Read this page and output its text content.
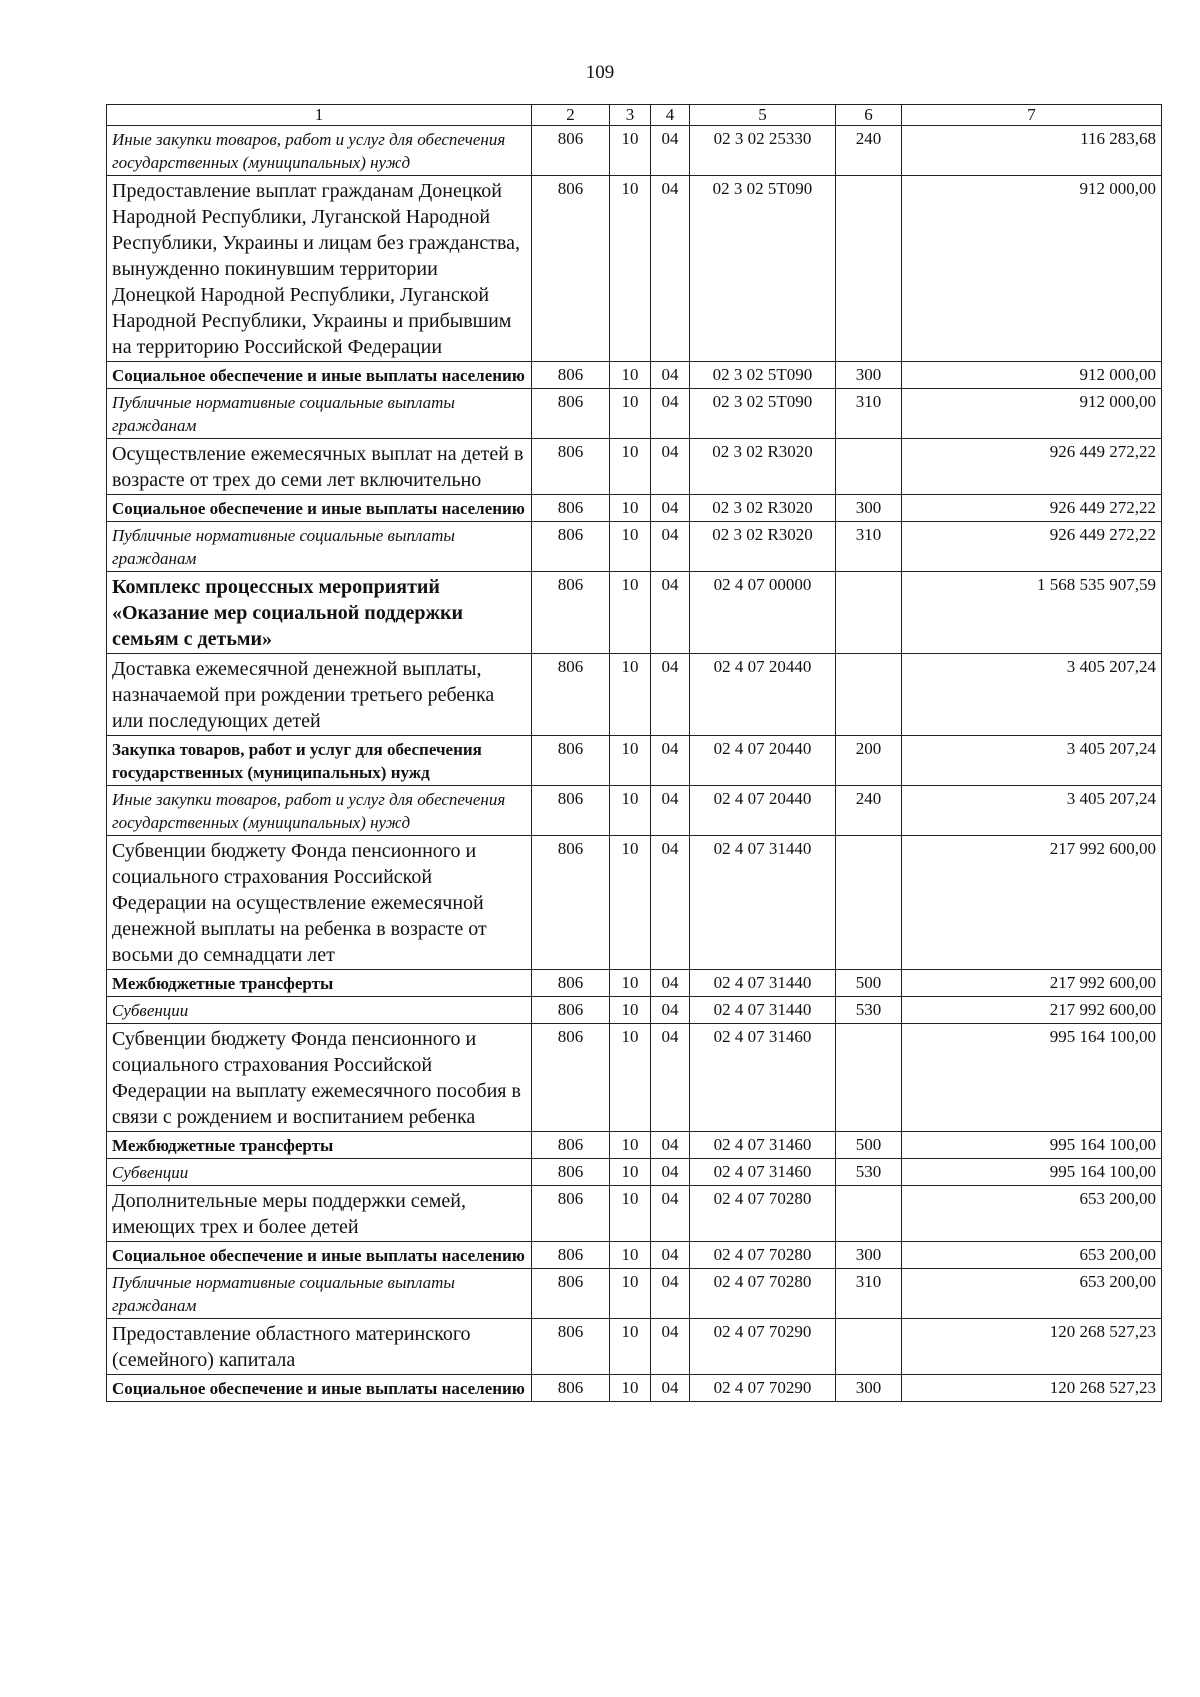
109
1	2	3	4	5	6	7
Иные закупки товаров, работ и услуг для обеспечения государственных (муниципальных) нужд	806	10	04	02 3 02 25330	240	116 283,68
Предоставление выплат гражданам Донецкой Народной Республики, Луганской Народной Республики, Украины и лицам без гражданства, вынужденно покинувшим территории Донецкой Народной Республики, Луганской Народной Республики, Украины и прибывшим на территорию Российской Федерации	806	10	04	02 3 02 5Т090		912 000,00
Социальное обеспечение и иные выплаты населению	806	10	04	02 3 02 5Т090	300	912 000,00
Публичные нормативные социальные выплаты гражданам	806	10	04	02 3 02 5Т090	310	912 000,00
Осуществление ежемесячных выплат на детей в возрасте от трех до семи лет включительно	806	10	04	02 3 02 R3020		926 449 272,22
Социальное обеспечение и иные выплаты населению	806	10	04	02 3 02 R3020	300	926 449 272,22
Публичные нормативные социальные выплаты гражданам	806	10	04	02 3 02 R3020	310	926 449 272,22
Комплекс процессных мероприятий «Оказание мер социальной поддержки семьям с детьми»	806	10	04	02 4 07 00000		1 568 535 907,59
Доставка ежемесячной денежной выплаты, назначаемой при рождении третьего ребенка или последующих детей	806	10	04	02 4 07 20440		3 405 207,24
Закупка товаров, работ и услуг для обеспечения государственных (муниципальных) нужд	806	10	04	02 4 07 20440	200	3 405 207,24
Иные закупки товаров, работ и услуг для обеспечения государственных (муниципальных) нужд	806	10	04	02 4 07 20440	240	3 405 207,24
Субвенции бюджету Фонда пенсионного и социального страхования Российской Федерации на осуществление ежемесячной денежной выплаты на ребенка в возрасте от восьми до семнадцати лет	806	10	04	02 4 07 31440		217 992 600,00
Межбюджетные трансферты	806	10	04	02 4 07 31440	500	217 992 600,00
Субвенции	806	10	04	02 4 07 31440	530	217 992 600,00
Субвенции бюджету Фонда пенсионного и социального страхования Российской Федерации на выплату ежемесячного пособия в связи с рождением и воспитанием ребенка	806	10	04	02 4 07 31460		995 164 100,00
Межбюджетные трансферты	806	10	04	02 4 07 31460	500	995 164 100,00
Субвенции	806	10	04	02 4 07 31460	530	995 164 100,00
Дополнительные меры поддержки семей, имеющих трех и более детей	806	10	04	02 4 07 70280		653 200,00
Социальное обеспечение и иные выплаты населению	806	10	04	02 4 07 70280	300	653 200,00
Публичные нормативные социальные выплаты гражданам	806	10	04	02 4 07 70280	310	653 200,00
Предоставление областного материнского (семейного) капитала	806	10	04	02 4 07 70290		120 268 527,23
Социальное обеспечение и иные выплаты населению	806	10	04	02 4 07 70290	300	120 268 527,23
